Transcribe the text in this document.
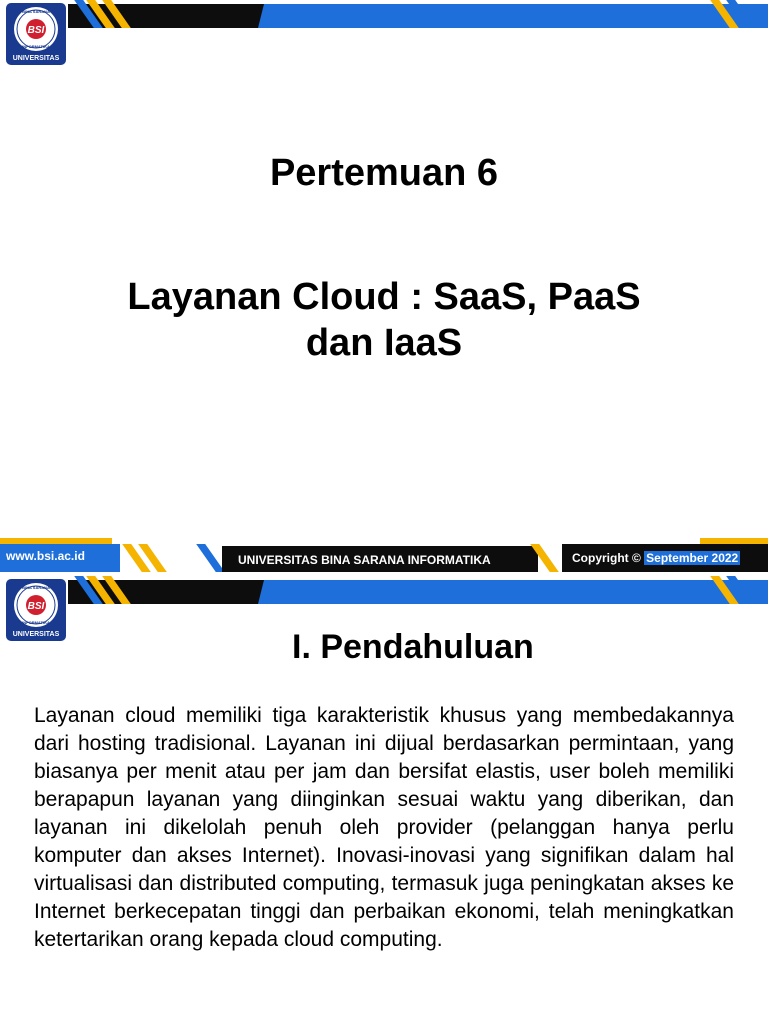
BSI
BINA SARANA
INFORMATIKA
UNIVERSITAS
Pertemuan 6
Layanan Cloud : SaaS, PaaS
dan IaaS
www.bsi.ac.id	UNIVERSITAS BINA SARANA INFORMATIKA	Copyright © September 2022
BSI
BINA SARANA
INFORMATIKA
UNIVERSITAS	I. Pendahuluan

Layanan cloud memiliki tiga karakteristik khusus yang membedakannya dari hosting tradisional. Layanan ini dijual berdasarkan permintaan, yang biasanya per menit atau per jam dan bersifat elastis, user boleh memiliki berapapun layanan yang diinginkan sesuai waktu yang diberikan, dan layanan ini dikelolah penuh oleh provider (pelanggan hanya perlu komputer dan akses Internet). Inovasi-inovasi yang signifikan dalam hal virtualisasi dan distributed computing, termasuk juga peningkatan akses ke Internet berkecepatan tinggi dan perbaikan ekonomi, telah meningkatkan ketertarikan orang kepada cloud computing.
